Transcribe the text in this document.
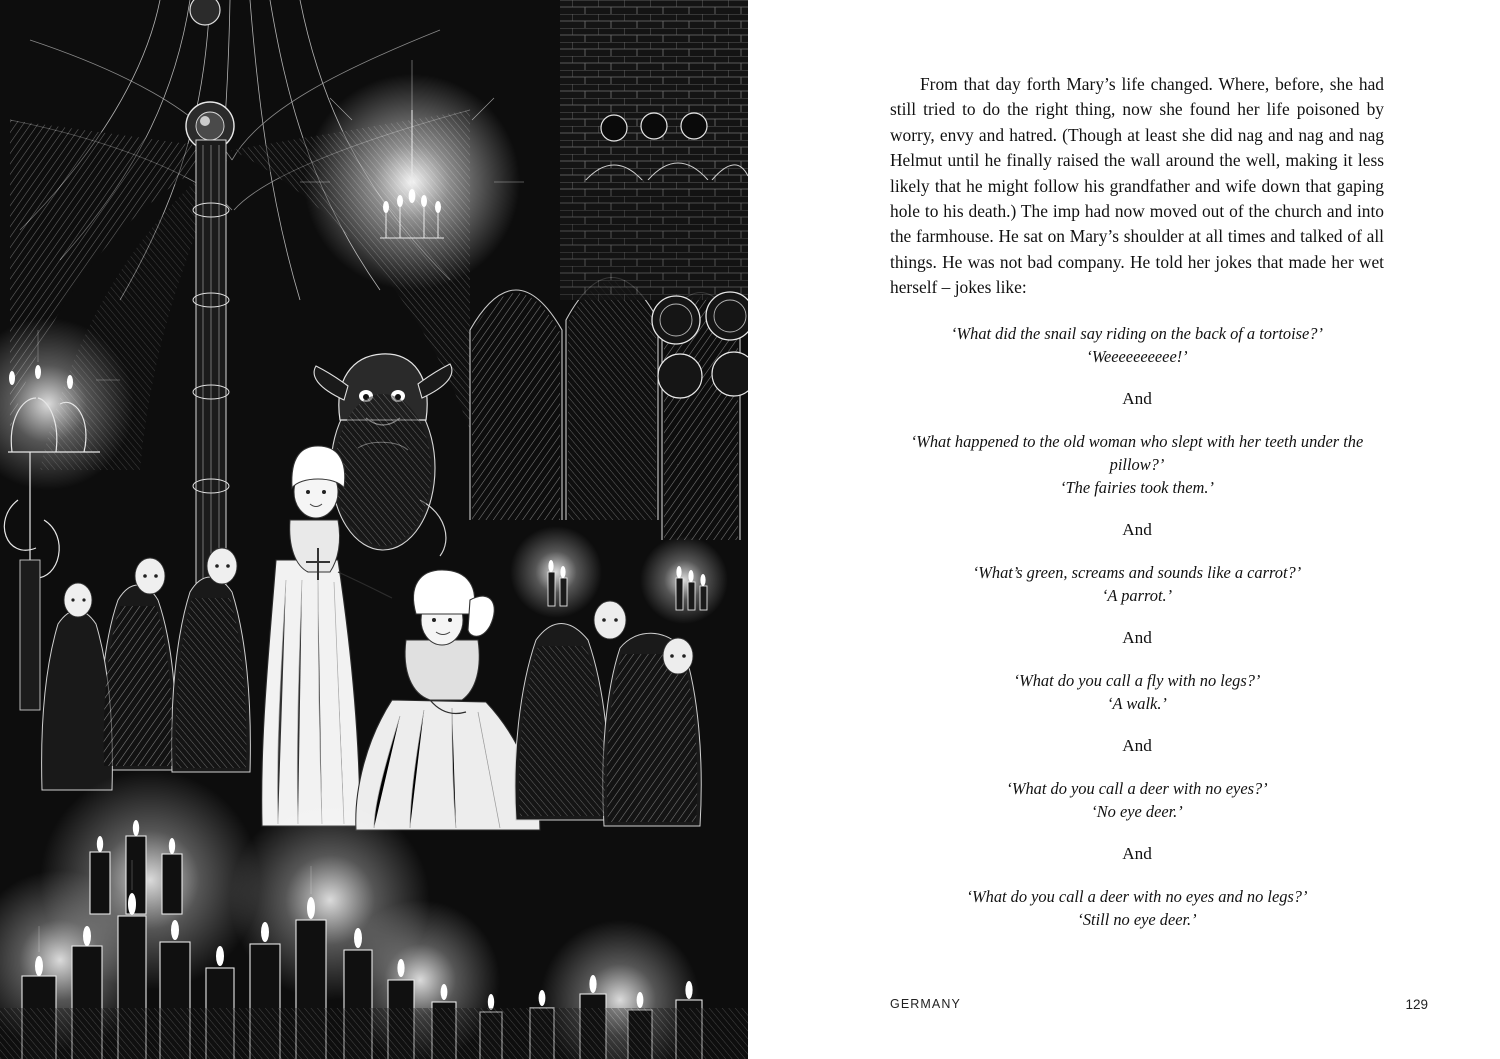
From that day forth Mary’s life changed. Where, before, she had still tried to do the right thing, now she found her life poisoned by worry, envy and hatred. (Though at least she did nag and nag and nag Helmut until he finally raised the wall around the well, making it less likely that he might follow his grandfather and wife down that gaping hole to his death.) The imp had now moved out of the church and into the farmhouse. He sat on Mary’s shoulder at all times and talked of all things. He was not bad company. He told her jokes that made her wet herself – jokes like:

‘What did the snail say riding on the back of a tortoise?’
‘Weeeeeeeeee!’
And
‘What happened to the old woman who slept with her teeth under the pillow?’
‘The fairies took them.’
And
‘What’s green, screams and sounds like a carrot?’
‘A parrot.’
And
‘What do you call a fly with no legs?’
‘A walk.’
And
‘What do you call a deer with no eyes?’
‘No eye deer.’
And
‘What do you call a deer with no eyes and no legs?’
‘Still no eye deer.’
GERMANY	129
